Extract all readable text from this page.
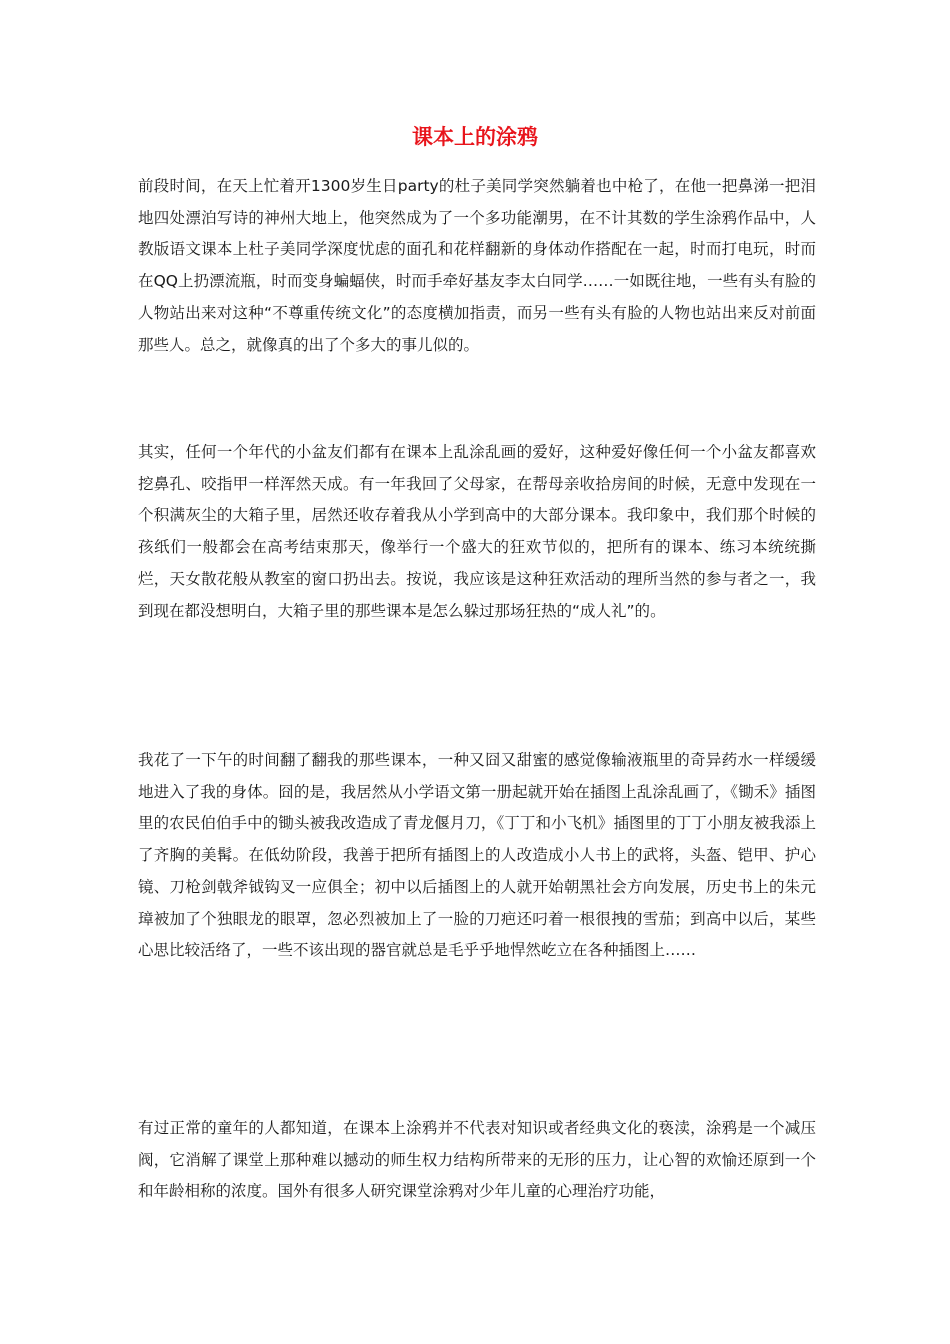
课本上的涂鸦

前段时间，在天上忙着开1300岁生日party的杜子美同学突然躺着也中枪了，在他一把鼻涕一把泪地四处漂泊写诗的神州大地上，他突然成为了一个多功能潮男，在不计其数的学生涂鸦作品中，人教版语文课本上杜子美同学深度忧虑的面孔和花样翻新的身体动作搭配在一起，时而打电玩，时而在QQ上扔漂流瓶，时而变身蝙蝠侠，时而手牵好基友李太白同学……一如既往地，一些有头有脸的人物站出来对这种“不尊重传统文化”的态度横加指责，而另一些有头有脸的人物也站出来反对前面那些人。总之，就像真的出了个多大的事儿似的。

其实，任何一个年代的小盆友们都有在课本上乱涂乱画的爱好，这种爱好像任何一个小盆友都喜欢挖鼻孔、咬指甲一样浑然天成。有一年我回了父母家，在帮母亲收拾房间的时候，无意中发现在一个积满灰尘的大箱子里，居然还收存着我从小学到高中的大部分课本。我印象中，我们那个时候的孩纸们一般都会在高考结束那天，像举行一个盛大的狂欢节似的，把所有的课本、练习本统统撕烂，天女散花般从教室的窗口扔出去。按说，我应该是这种狂欢活动的理所当然的参与者之一，我到现在都没想明白，大箱子里的那些课本是怎么躲过那场狂热的“成人礼”的。

我花了一下午的时间翻了翻我的那些课本，一种又囧又甜蜜的感觉像输液瓶里的奇异药水一样缓缓地进入了我的身体。囧的是，我居然从小学语文第一册起就开始在插图上乱涂乱画了，《锄禾》插图里的农民伯伯手中的锄头被我改造成了青龙偃月刀，《丁丁和小飞机》插图里的丁丁小朋友被我添上了齐胸的美髯。在低幼阶段，我善于把所有插图上的人改造成小人书上的武将，头盔、铠甲、护心镜、刀枪剑戟斧钺钩叉一应俱全；初中以后插图上的人就开始朝黑社会方向发展，历史书上的朱元璋被加了个独眼龙的眼罩，忽必烈被加上了一脸的刀疤还叼着一根很拽的雪茄；到高中以后，某些心思比较活络了，一些不该出现的器官就总是毛乎乎地悍然屹立在各种插图上……

有过正常的童年的人都知道，在课本上涂鸦并不代表对知识或者经典文化的亵渎，涂鸦是一个减压阀，它消解了课堂上那种难以撼动的师生权力结构所带来的无形的压力，让心智的欢愉还原到一个和年龄相称的浓度。国外有很多人研究课堂涂鸦对少年儿童的心理治疗功能，
